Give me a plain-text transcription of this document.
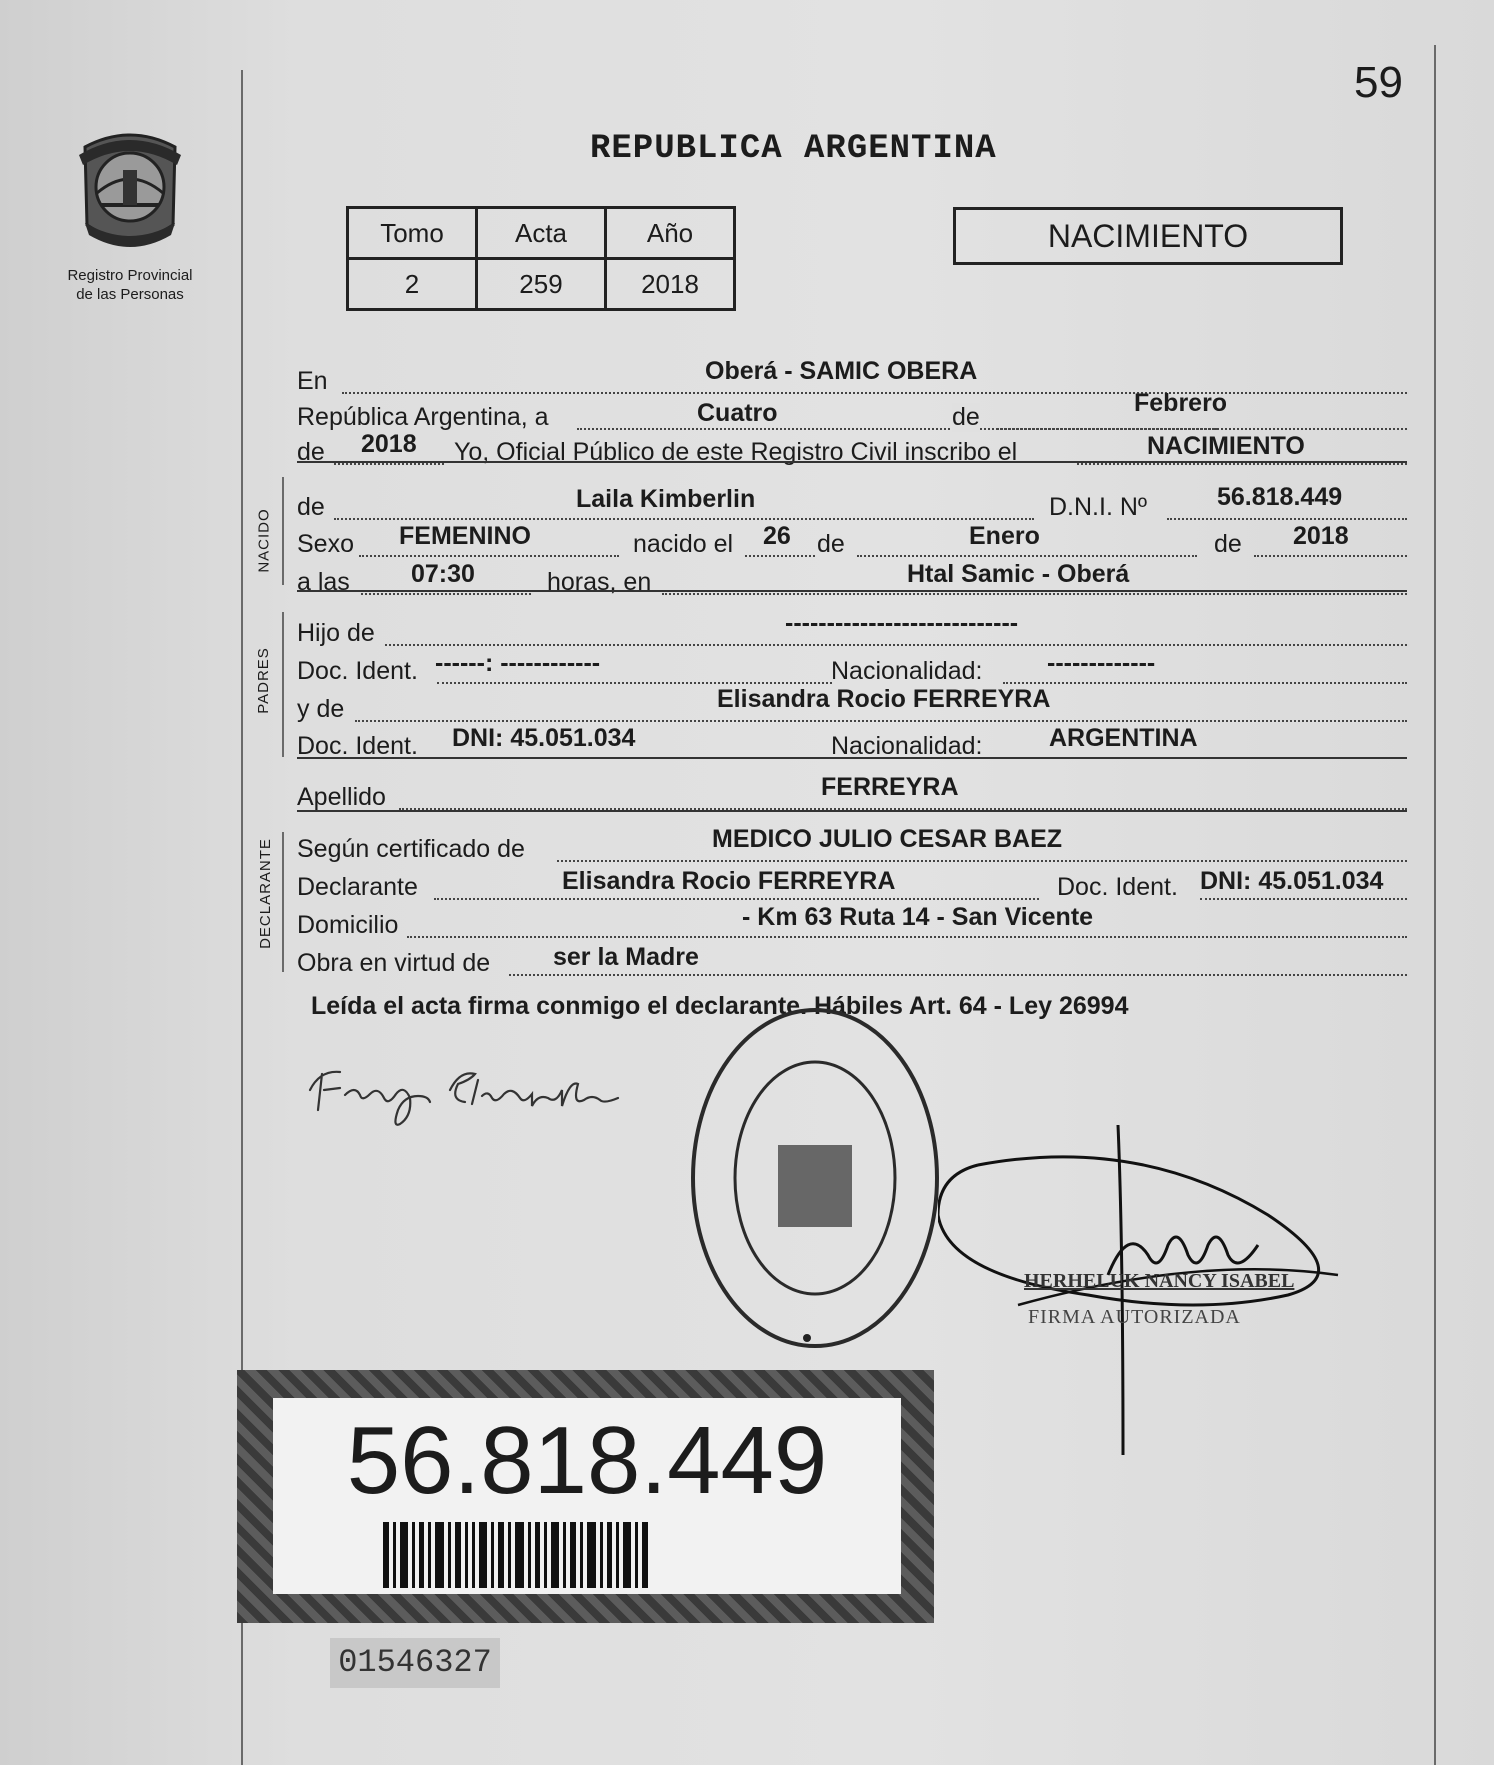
59
Registro Provincial
de las Personas
REPUBLICA ARGENTINA
Tomo	Acta	Año
2	259	2018
NACIMIENTO
En	Oberá - SAMIC OBERA
República Argentina, a	Cuatro	de	Febrero
de 2018 Yo, Oficial Público de este Registro Civil inscribo el	NACIMIENTO
NACIDO
de	Laila Kimberlin	D.N.I. Nº	56.818.449
Sexo FEMENINO	nacido el 26 de	Enero	de 2018
a las 07:30	horas, en	Htal Samic - Oberá
PADRES
Hijo de	----------------------------
Doc. Ident. ------: ------------	Nacionalidad:	-------------
y de	Elisandra Rocio FERREYRA
Doc. Ident. DNI: 45.051.034	Nacionalidad:	ARGENTINA
Apellido	FERREYRA
DECLARANTE Según certificado de	MEDICO JULIO CESAR BAEZ
Declarante	Elisandra Rocio FERREYRA	Doc. Ident. DNI: 45.051.034
Domicilio	- Km 63 Ruta 14 - San Vicente
Obra en virtud de	ser la Madre
Leída el acta firma conmigo el declarante. Hábiles Art. 64 - Ley 26994
HERHELUK NANCY ISABEL
FIRMA AUTORIZADA
56.818.449
01546327
